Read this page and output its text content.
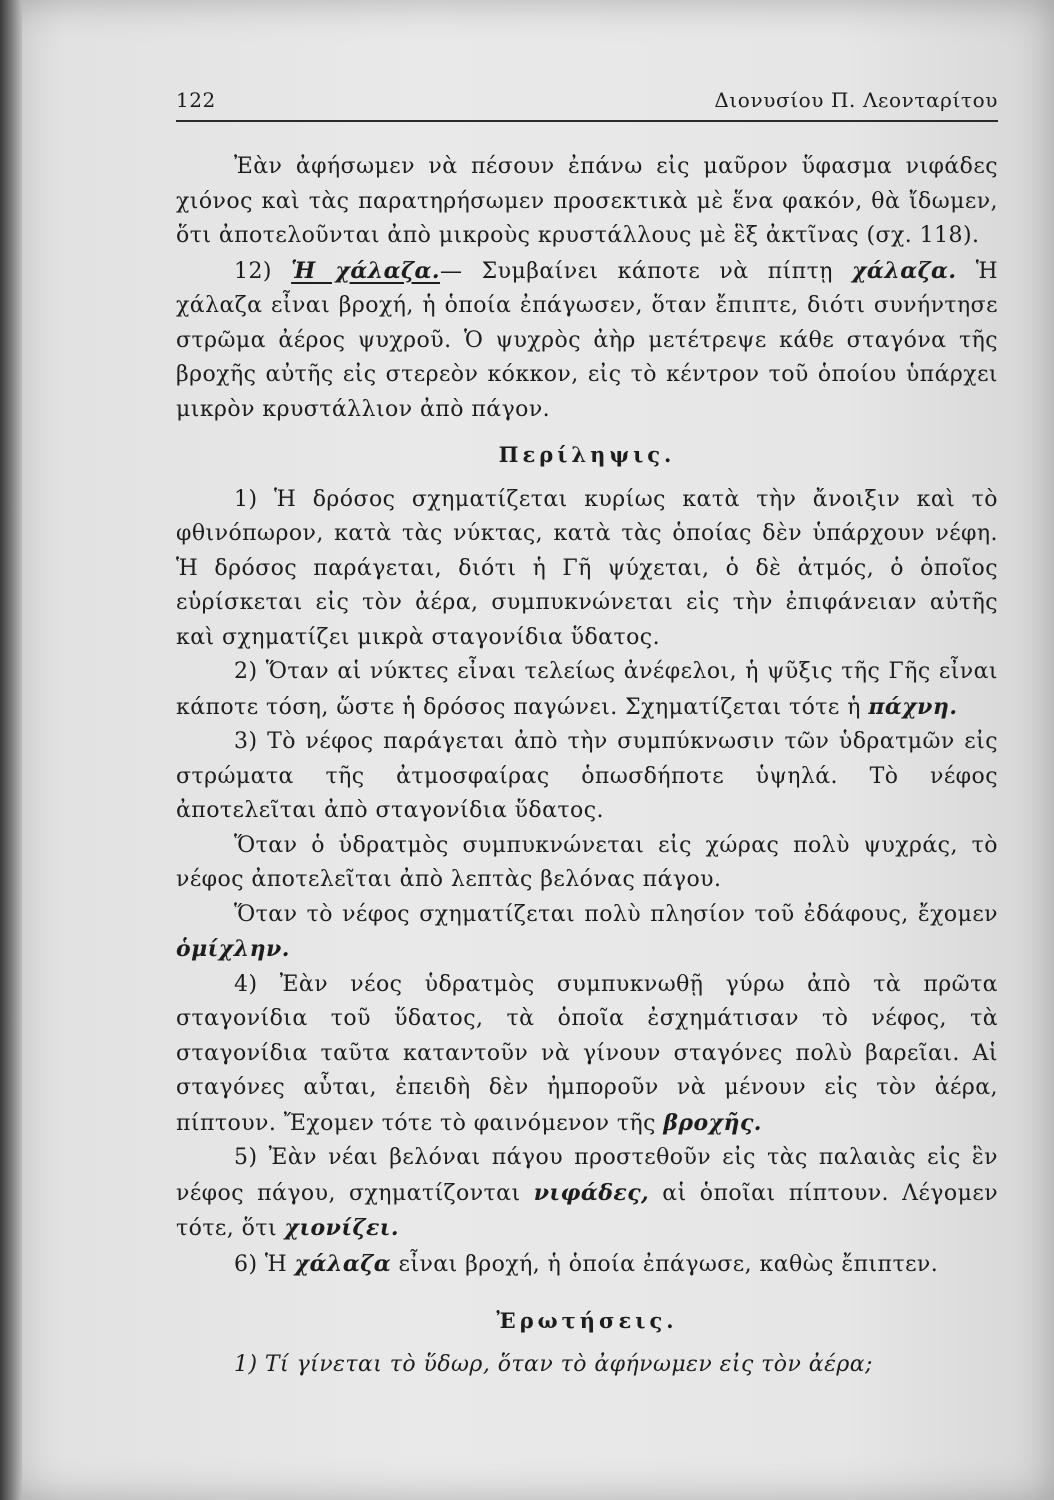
122	Διονυσίου Π. Λεονταρίτου

Ἐὰν ἀφήσωμεν νὰ πέσουν ἐπάνω εἰς μαῦρον ὕφασμα νιφάδες χιόνος καὶ τὰς παρατηρήσωμεν προσεκτικὰ μὲ ἕνα φακόν, θὰ ἴδωμεν, ὅτι ἀποτελοῦνται ἀπὸ μικροὺς κρυστάλλους μὲ ἓξ ἀκτῖνας (σχ. 118).

12) Ἡ χάλαζα.— Συμβαίνει κάποτε νὰ πίπτῃ χάλαζα. Ἡ χάλαζα εἶναι βροχή, ἡ ὁποία ἐπάγωσεν, ὅταν ἔπιπτε, διότι συνήντησε στρῶμα ἀέρος ψυχροῦ. Ὁ ψυχρὸς ἀὴρ μετέτρεψε κάθε σταγόνα τῆς βροχῆς αὐτῆς εἰς στερεὸν κόκκον, εἰς τὸ κέντρον τοῦ ὁποίου ὑπάρχει μικρὸν κρυστάλλιον ἀπὸ πάγον.

Περίληψις.

1) Ἡ δρόσος σχηματίζεται κυρίως κατὰ τὴν ἄνοιξιν καὶ τὸ φθινόπωρον, κατὰ τὰς νύκτας, κατὰ τὰς ὁποίας δὲν ὑπάρχουν νέφη. Ἡ δρόσος παράγεται, διότι ἡ Γῆ ψύχεται, ὁ δὲ ἀτμός, ὁ ὁποῖος εὑρίσκεται εἰς τὸν ἀέρα, συμπυκνώνεται εἰς τὴν ἐπιφάνειαν αὐτῆς καὶ σχηματίζει μικρὰ σταγονίδια ὕδατος.

2) Ὅταν αἱ νύκτες εἶναι τελείως ἀνέφελοι, ἡ ψῦξις τῆς Γῆς εἶναι κάποτε τόση, ὥστε ἡ δρόσος παγώνει. Σχηματίζεται τότε ἡ πάχνη.

3) Τὸ νέφος παράγεται ἀπὸ τὴν συμπύκνωσιν τῶν ὑδρατμῶν εἰς στρώματα τῆς ἀτμοσφαίρας ὁπωσδήποτε ὑψηλά. Τὸ νέφος ἀποτελεῖται ἀπὸ σταγονίδια ὕδατος.

Ὅταν ὁ ὑδρατμὸς συμπυκνώνεται εἰς χώρας πολὺ ψυχράς, τὸ νέφος ἀποτελεῖται ἀπὸ λεπτὰς βελόνας πάγου.

Ὅταν τὸ νέφος σχηματίζεται πολὺ πλησίον τοῦ ἐδάφους, ἔχομεν ὁμίχλην.

4) Ἐὰν νέος ὑδρατμὸς συμπυκνωθῇ γύρω ἀπὸ τὰ πρῶτα σταγονίδια τοῦ ὕδατος, τὰ ὁποῖα ἐσχημάτισαν τὸ νέφος, τὰ σταγονίδια ταῦτα καταντοῦν νὰ γίνουν σταγόνες πολὺ βαρεῖαι. Αἱ σταγόνες αὗται, ἐπειδὴ δὲν ἠμποροῦν νὰ μένουν εἰς τὸν ἀέρα, πίπτουν. Ἔχομεν τότε τὸ φαινόμενον τῆς βροχῆς.

5) Ἐὰν νέαι βελόναι πάγου προστεθοῦν εἰς τὰς παλαιὰς εἰς ἓν νέφος πάγου, σχηματίζονται νιφάδες, αἱ ὁποῖαι πίπτουν. Λέγομεν τότε, ὅτι χιονίζει.

6) Ἡ χάλαζα εἶναι βροχή, ἡ ὁποία ἐπάγωσε, καθὼς ἔπιπτεν.

Ἐρωτήσεις.

1) Τί γίνεται τὸ ὕδωρ, ὅταν τὸ ἀφήνωμεν εἰς τὸν ἀέρα;
